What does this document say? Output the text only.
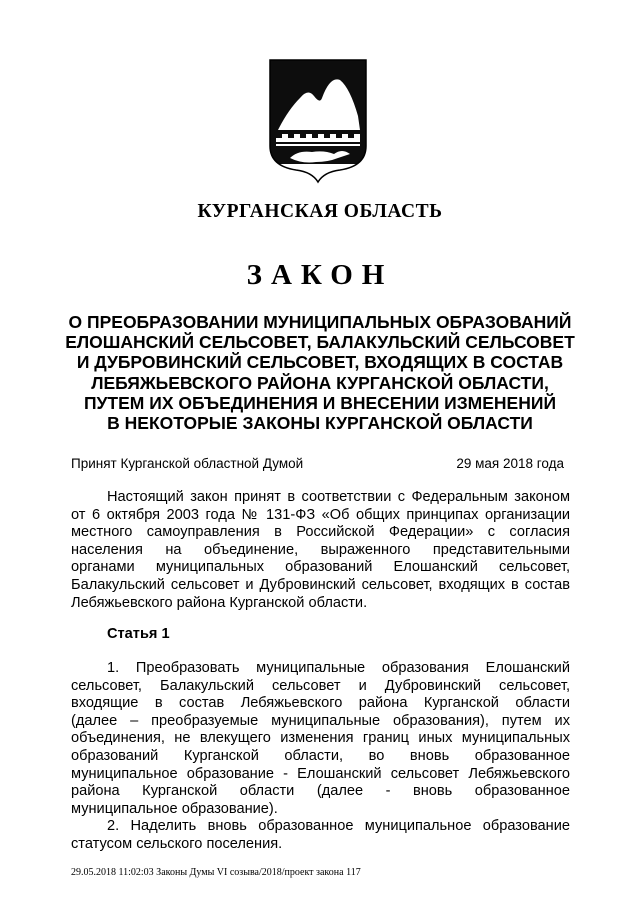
КУРГАНСКАЯ ОБЛАСТЬ
ЗАКОН
О ПРЕОБРАЗОВАНИИ МУНИЦИПАЛЬНЫХ ОБРАЗОВАНИЙ
ЕЛОШАНСКИЙ СЕЛЬСОВЕТ, БАЛАКУЛЬСКИЙ СЕЛЬСОВЕТ
И ДУБРОВИНСКИЙ СЕЛЬСОВЕТ, ВХОДЯЩИХ В СОСТАВ
ЛЕБЯЖЬЕВСКОГО РАЙОНА КУРГАНСКОЙ ОБЛАСТИ,
ПУТЕМ ИХ ОБЪЕДИНЕНИЯ И ВНЕСЕНИИ ИЗМЕНЕНИЙ
В НЕКОТОРЫЕ ЗАКОНЫ КУРГАНСКОЙ ОБЛАСТИ
Принят Курганской областной Думой	29 мая 2018 года
Настоящий закон принят в соответствии с Федеральным законом
от 6 октября 2003 года № 131-ФЗ «Об общих принципах организации
местного самоуправления в Российской Федерации» с согласия
населения на объединение, выраженного представительными
органами муниципальных образований Елошанский сельсовет,
Балакульский сельсовет и Дубровинский сельсовет, входящих в состав
Лебяжьевского района Курганской области.
Статья 1
1. Преобразовать муниципальные образования Елошанский
сельсовет, Балакульский сельсовет и Дубровинский сельсовет,
входящие в состав Лебяжьевского района Курганской области
(далее – преобразуемые муниципальные образования), путем их
объединения, не влекущего изменения границ иных муниципальных
образований Курганской области, во вновь образованное
муниципальное образование - Елошанский сельсовет Лебяжьевского
района Курганской области (далее - вновь образованное
муниципальное образование).
2. Наделить вновь образованное муниципальное образование
статусом сельского поселения.
29.05.2018 11:02:03 Законы Думы VI созыва/2018/проект закона 117
